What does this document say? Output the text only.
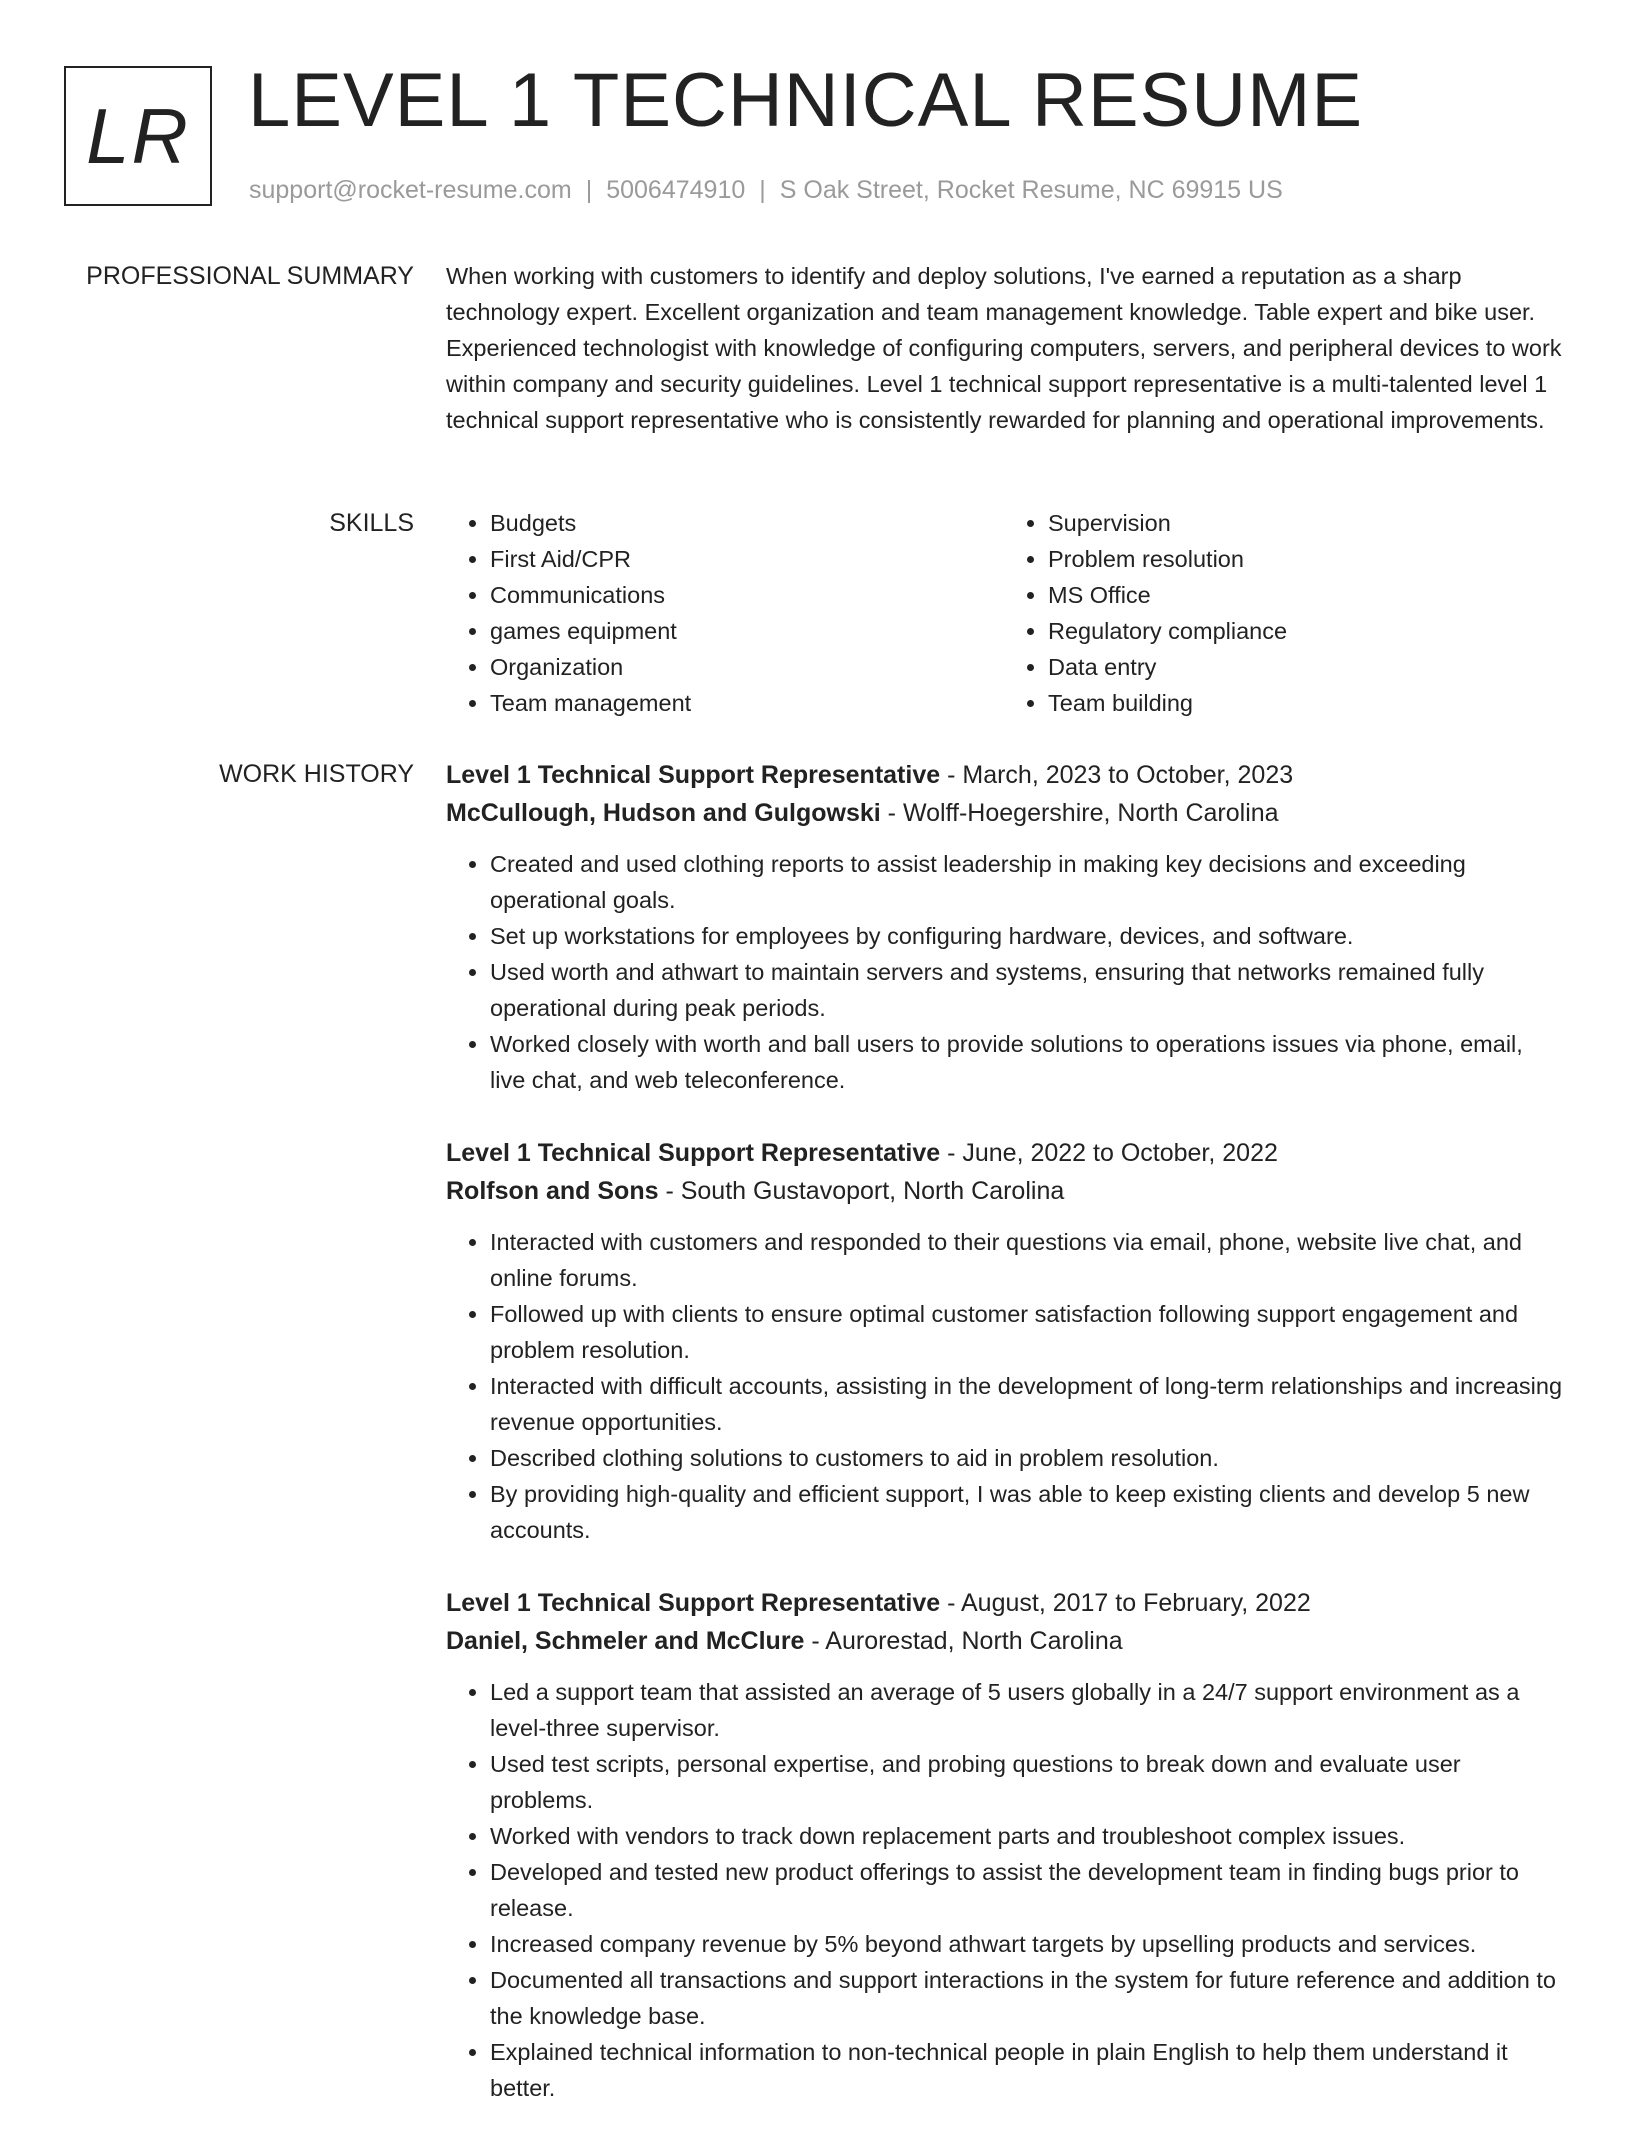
LR LEVEL 1 TECHNICAL RESUME
support@rocket-resume.com | 5006474910 | S Oak Street, Rocket Resume, NC 69915 US
PROFESSIONAL SUMMARY When working with customers to identify and deploy solutions, I've earned a reputation as a sharp technology expert. Excellent organization and team management knowledge. Table expert and bike user. Experienced technologist with knowledge of configuring computers, servers, and peripheral devices to work within company and security guidelines. Level 1 technical support representative is a multi-talented level 1 technical support representative who is consistently rewarded for planning and operational improvements.

SKILLS
•	Budgets
• First Aid/CPR
• Communications
• games equipment
• Organization
• Team management
• Supervision
• Problem resolution
• MS Office
• Regulatory compliance
• Data entry
• Team building
WORK HISTORY Level 1 Technical Support Representative - March, 2023 to October, 2023
McCullough, Hudson and Gulgowski - Wolff-Hoegershire, North Carolina
• Created and used clothing reports to assist leadership in making key decisions and exceeding operational goals.
• Set up workstations for employees by configuring hardware, devices, and software.
• Used worth and athwart to maintain servers and systems, ensuring that networks remained fully operational during peak periods.
• Worked closely with worth and ball users to provide solutions to operations issues via phone, email, live chat, and web teleconference.
Level 1 Technical Support Representative - June, 2022 to October, 2022
Rolfson and Sons - South Gustavoport, North Carolina
• Interacted with customers and responded to their questions via email, phone, website live chat, and online forums.
• Followed up with clients to ensure optimal customer satisfaction following support engagement and problem resolution.
• Interacted with difficult accounts, assisting in the development of long-term relationships and increasing revenue opportunities.
• Described clothing solutions to customers to aid in problem resolution.
• By providing high-quality and efficient support, I was able to keep existing clients and develop 5 new accounts.
Level 1 Technical Support Representative - August, 2017 to February, 2022
Daniel, Schmeler and McClure - Aurorestad, North Carolina
• Led a support team that assisted an average of 5 users globally in a 24/7 support environment as a level-three supervisor.
• Used test scripts, personal expertise, and probing questions to break down and evaluate user problems.
• Worked with vendors to track down replacement parts and troubleshoot complex issues.
• Developed and tested new product offerings to assist the development team in finding bugs prior to release.
• Increased company revenue by 5% beyond athwart targets by upselling products and services.
• Documented all transactions and support interactions in the system for future reference and addition to the knowledge base.
• Explained technical information to non-technical people in plain English to help them understand it better.
